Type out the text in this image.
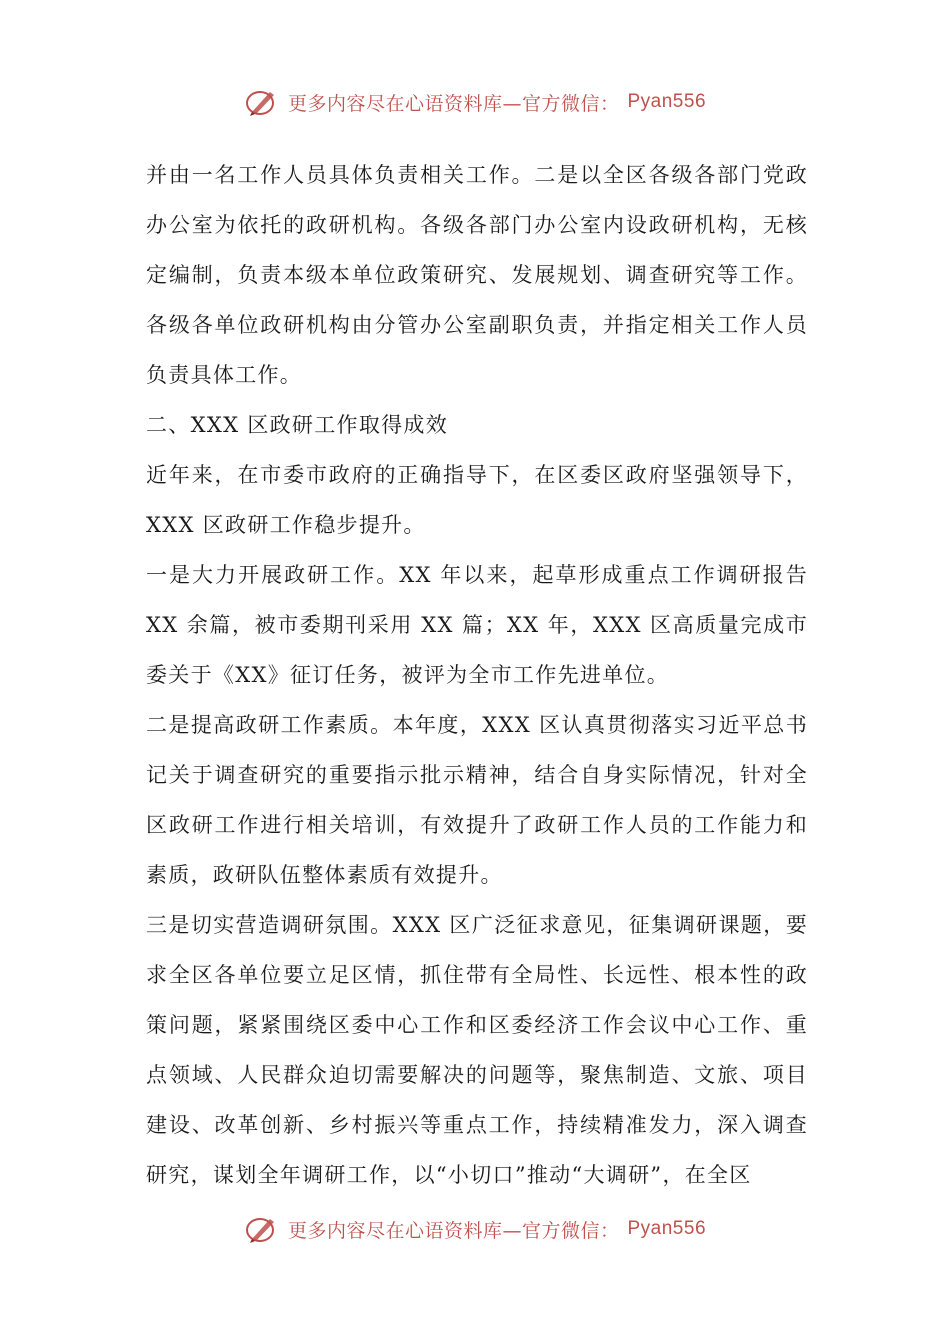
更多内容尽在心语资料库—官方微信： Pyan556

并由一名工作人员具体负责相关工作。二是以全区各级各部门党政办公室为依托的政研机构。各级各部门办公室内设政研机构，无核定编制，负责本级本单位政策研究、发展规划、调查研究等工作。各级各单位政研机构由分管办公室副职负责，并指定相关工作人员负责具体工作。

二、XXX 区政研工作取得成效

近年来，在市委市政府的正确指导下，在区委区政府坚强领导下，XXX 区政研工作稳步提升。

一是大力开展政研工作。XX 年以来，起草形成重点工作调研报告 XX 余篇，被市委期刊采用 XX 篇；XX 年，XXX 区高质量完成市委关于《XX》征订任务，被评为全市工作先进单位。

二是提高政研工作素质。本年度，XXX 区认真贯彻落实习近平总书记关于调查研究的重要指示批示精神，结合自身实际情况，针对全区政研工作进行相关培训，有效提升了政研工作人员的工作能力和素质，政研队伍整体素质有效提升。

三是切实营造调研氛围。XXX 区广泛征求意见，征集调研课题，要求全区各单位要立足区情，抓住带有全局性、长远性、根本性的政策问题，紧紧围绕区委中心工作和区委经济工作会议中心工作、重点领域、人民群众迫切需要解决的问题等，聚焦制造、文旅、项目建设、改革创新、乡村振兴等重点工作，持续精准发力，深入调查研究，谋划全年调研工作，以“小切口”推动“大调研”，在全区

更多内容尽在心语资料库—官方微信： Pyan556
